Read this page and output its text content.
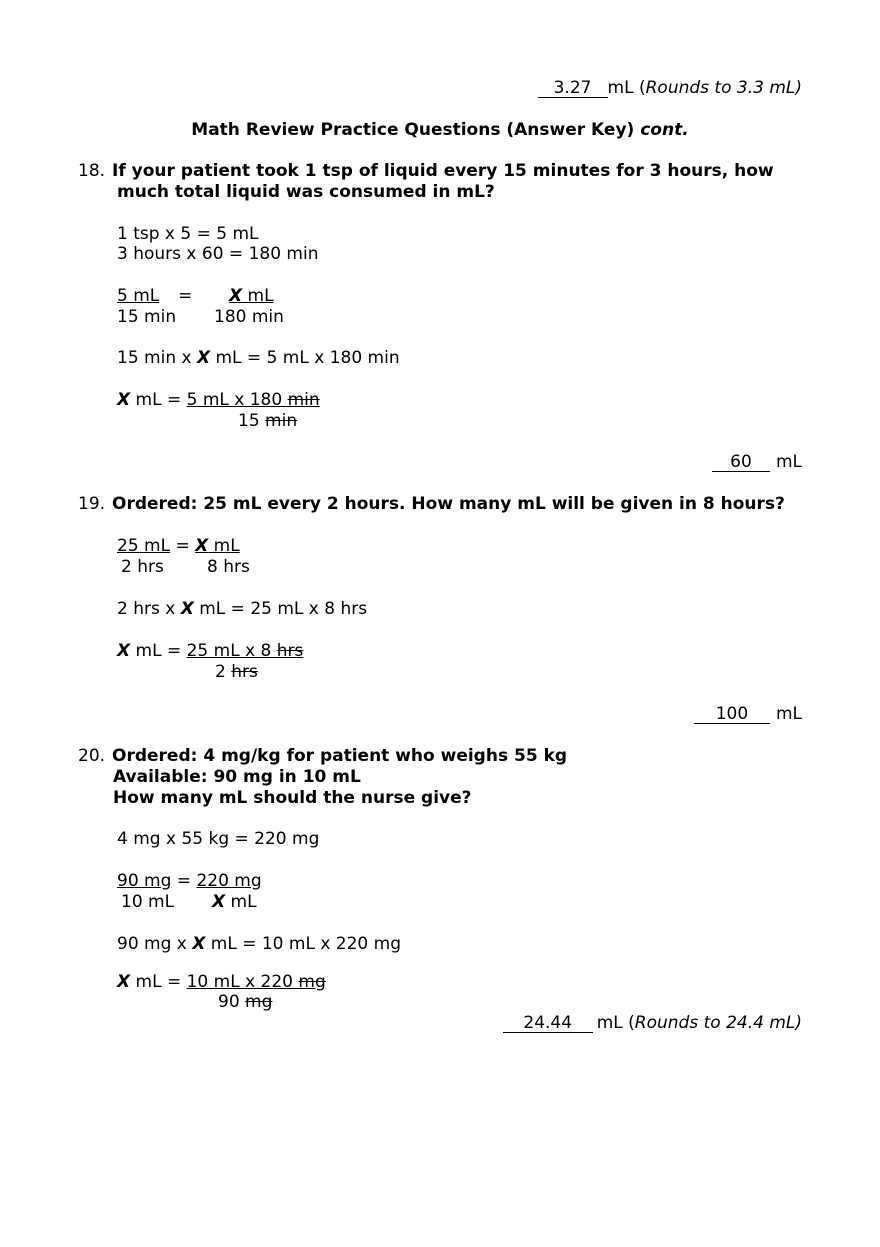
3.27 mL (Rounds to 3.3 mL)
Math Review Practice Questions (Answer Key) cont.
18. If your patient took 1 tsp of liquid every 15 minutes for 3 hours, how
much total liquid was consumed in mL?
1 tsp x 5 = 5 mL
3 hours x 60 = 180 min
5 mL = X mL
15 min 180 min
15 min x X mL = 5 mL x 180 min
X mL = 5 mL x 180 min
15 min
60 mL
19. Ordered: 25 mL every 2 hours. How many mL will be given in 8 hours?
25 mL = X mL
2 hrs	8 hrs
2 hrs x X mL = 25 mL x 8 hrs
X mL = 25 mL x 8 hrs
2 hrs
100 mL
20. Ordered: 4 mg/kg for patient who weighs 55 kg
Available: 90 mg in 10 mL
How many mL should the nurse give?
4 mg x 55 kg = 220 mg
90 mg = 220 mg
10 mL X mL
90 mg x X mL = 10 mL x 220 mg
X mL = 10 mL x 220 mg
90 mg
24.44 mL (Rounds to 24.4 mL)
